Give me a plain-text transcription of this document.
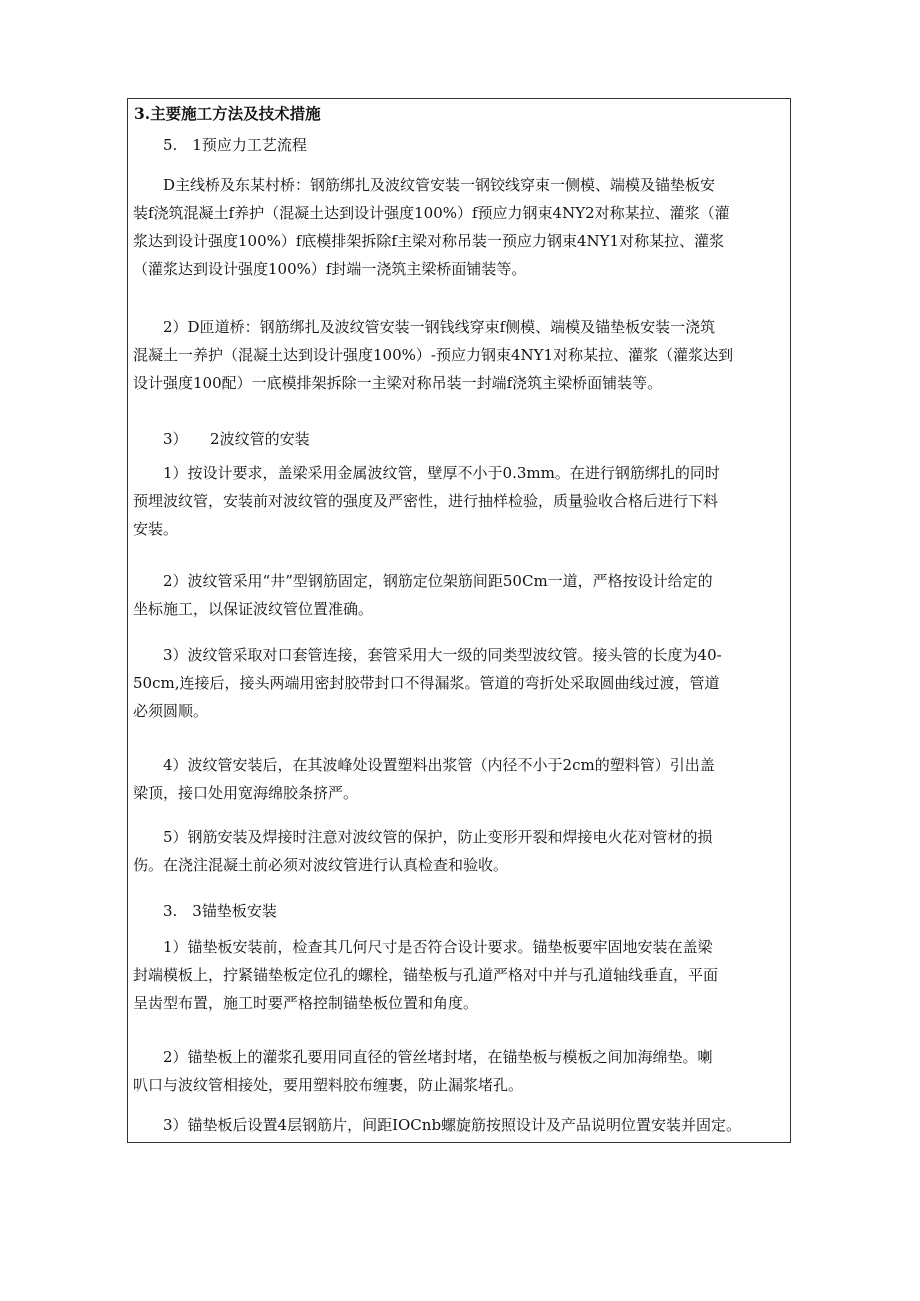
3.主要施工方法及技术措施
5.　1预应力工艺流程
D主线桥及东某村桥：钢筋绑扎及波纹管安装一钢铰线穿束一侧模、端模及锚垫板安
装f浇筑混凝土f养护（混凝土达到设计强度100%）f预应力钢束4NY2对称某拉、灌浆（灌
浆达到设计强度100%）f底模排架拆除f主梁对称吊装一预应力钢束4NY1对称某拉、灌浆
（灌浆达到设计强度100%）f封端一浇筑主梁桥面铺装等。
2）D匝道桥：钢筋绑扎及波纹管安装一钢钱线穿束f侧模、端模及锚垫板安装一浇筑
混凝土一养护（混凝土达到设计强度100%）-预应力钢束4NY1对称某拉、灌浆（灌浆达到
设计强度100配）一底模排架拆除一主梁对称吊装一封端f浇筑主梁桥面铺装等。
3）　　2波纹管的安装
1）按设计要求，盖梁采用金属波纹管，壁厚不小于0.3mm。在进行钢筋绑扎的同时
预埋波纹管，安装前对波纹管的强度及严密性，进行抽样检验，质量验收合格后进行下料
安装。
2）波纹管采用“井”型钢筋固定，钢筋定位架筋间距50Cm一道，严格按设计给定的
坐标施工，以保证波纹管位置准确。
3）波纹管采取对口套管连接，套管采用大一级的同类型波纹管。接头管的长度为40-
50cm,连接后，接头两端用密封胶带封口不得漏浆。管道的弯折处采取圆曲线过渡，管道
必须圆顺。
4）波纹管安装后，在其波峰处设置塑料出浆管（内径不小于2cm的塑料管）引出盖
梁顶，接口处用宽海绵胶条挤严。
5）钢筋安装及焊接时注意对波纹管的保护，防止变形开裂和焊接电火花对管材的损
伤。在浇注混凝土前必须对波纹管进行认真检查和验收。
3.　3锚垫板安装
1）锚垫板安装前，检查其几何尺寸是否符合设计要求。锚垫板要牢固地安装在盖梁
封端模板上，拧紧锚垫板定位孔的螺栓，锚垫板与孔道严格对中并与孔道轴线垂直，平面
呈齿型布置，施工时要严格控制锚垫板位置和角度。
2）锚垫板上的灌浆孔要用同直径的管丝堵封堵，在锚垫板与模板之间加海绵垫。喇
叭口与波纹管相接处，要用塑料胶布缠裹，防止漏浆堵孔。
3）锚垫板后设置4层钢筋片，间距IOCnb螺旋筋按照设计及产品说明位置安装并固定。
